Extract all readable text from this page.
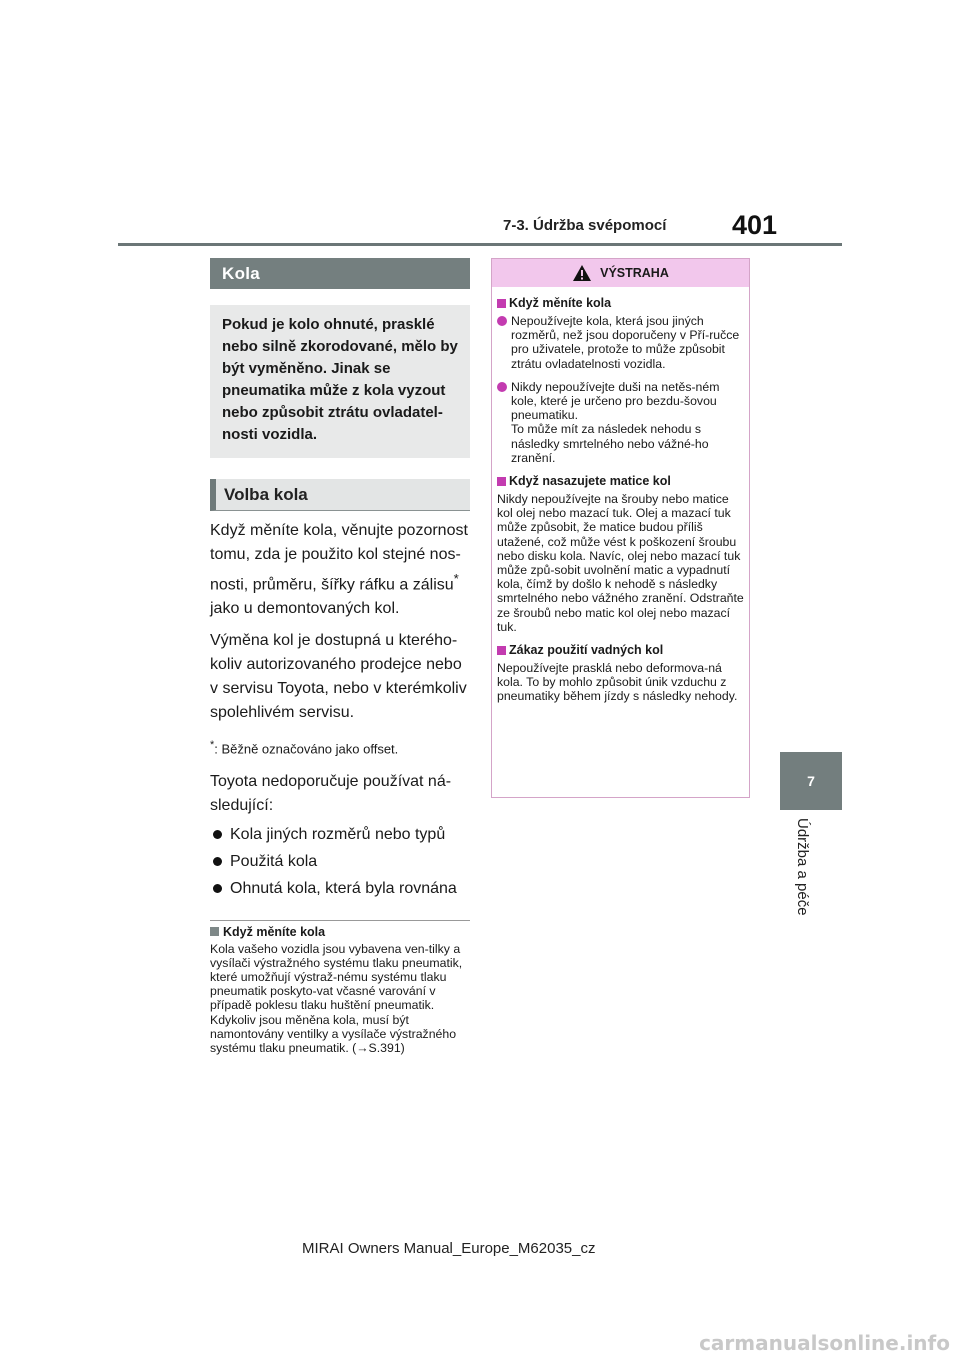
7-3. Údržba svépomocí 401
7
Údržba a péče
Kola
Pokud je kolo ohnuté, prasklé nebo silně zkorodované, mělo by být vyměněno. Jinak se pneumatika může z kola vyzout nebo způsobit ztrátu ovladatel-nosti vozidla.
Volba kola

Když měníte kola, věnujte pozornost tomu, zda je použito kol stejné nos-nosti, průměru, šířky ráfku a zálisu* jako u demontovaných kol.

Výměna kol je dostupná u kterého-koliv autorizovaného prodejce nebo v servisu Toyota, nebo v kterémkoliv spolehlivém servisu.

*: Běžně označováno jako offset.

Toyota nedoporučuje používat ná-sledující:

Kola jiných rozměrů nebo typů
Použitá kola
Ohnutá kola, která byla rovnána
Když měníte kola
Kola vašeho vozidla jsou vybavena ven-tilky a vysílači výstražného systému tlaku pneumatik, které umožňují výstraž-nému systému tlaku pneumatik poskyto-vat včasné varování v případě poklesu tlaku huštění pneumatik. Kdykoliv jsou měněna kola, musí být namontovány ventilky a vysílače výstražného systému tlaku pneumatik. (→S.391)
VÝSTRAHA
Když měníte kola
Nepoužívejte kola, která jsou jiných rozměrů, než jsou doporučeny v Pří-ručce pro uživatele, protože to může způsobit ztrátu ovladatelnosti vozidla.
Nikdy nepoužívejte duši na netěs-ném kole, které je určeno pro bezdu-šovou pneumatiku.
To může mít za následek nehodu s následky smrtelného nebo vážné-ho zranění.
Když nasazujete matice kol
Nikdy nepoužívejte na šrouby nebo matice kol olej nebo mazací tuk. Olej a mazací tuk může způsobit, že matice budou příliš utažené, což může vést k poškození šroubu nebo disku kola. Navíc, olej nebo mazací tuk může způ-sobit uvolnění matic a vypadnutí kola, čímž by došlo k nehodě s následky smrtelného nebo vážného zranění. Odstraňte ze šroubů nebo matic kol olej nebo mazací tuk.
Zákaz použití vadných kol
Nepoužívejte prasklá nebo deformova-ná kola. To by mohlo způsobit únik vzduchu z pneumatiky během jízdy s následky nehody.
MIRAI Owners Manual_Europe_M62035_cz
carmanualsonline.info
